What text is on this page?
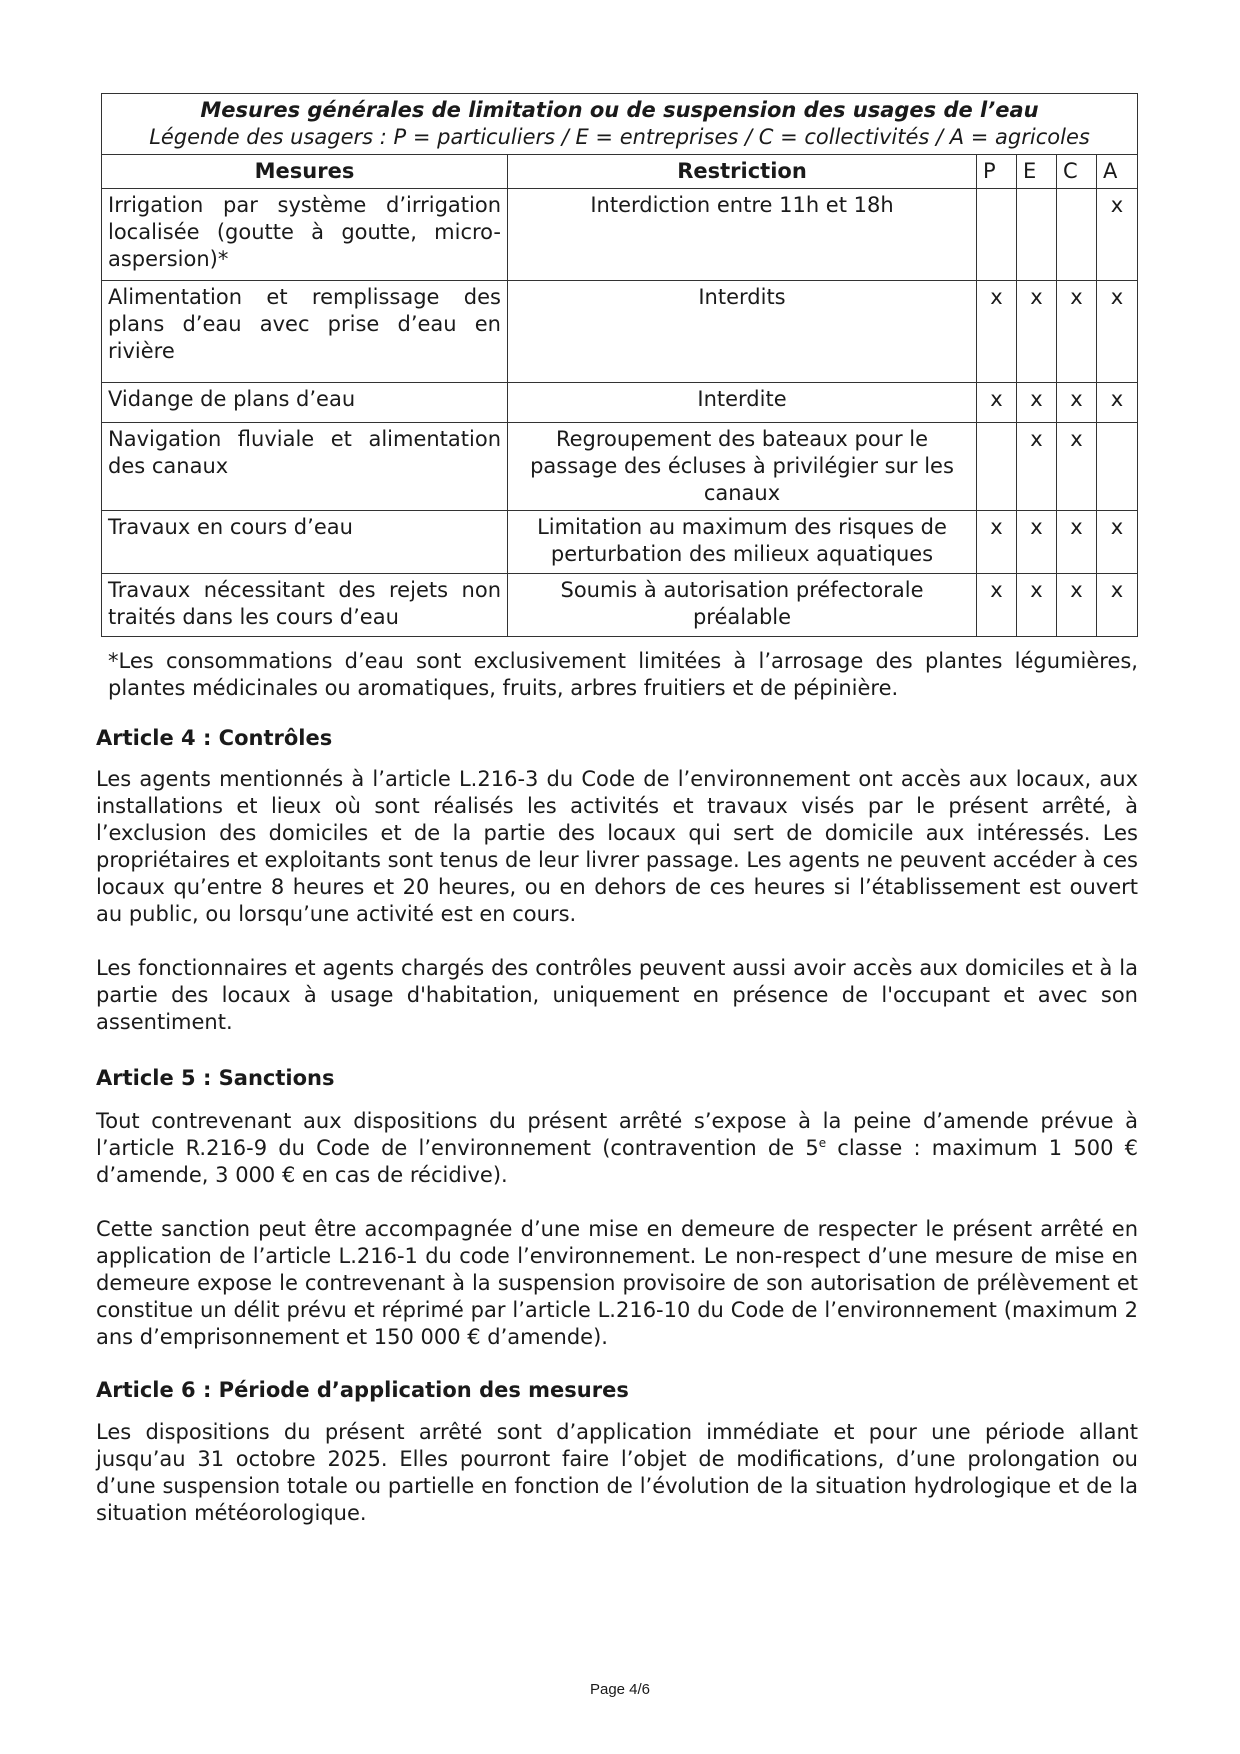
Mesures générales de limitation ou de suspension des usages de l’eau
Légende des usagers : P = particuliers / E = entreprises / C = collectivités / A = agricoles					

Mesures	Restriction	P	E	C	A
Irrigation par système d’irrigation localisée (goutte à goutte, micro-aspersion)*	Interdiction entre 11h et 18h				x
Alimentation et remplissage des plans d’eau avec prise d’eau en rivière	Interdits	x	x	x	x
Vidange de plans d’eau	Interdite	x	x	x	x
Navigation fluviale et alimentation des canaux	Regroupement des bateaux pour le passage des écluses à privilégier sur les canaux		x	x	
Travaux en cours d’eau	Limitation au maximum des risques de perturbation des milieux aquatiques	x	x	x	x
Travaux nécessitant des rejets non traités dans les cours d’eau	Soumis à autorisation préfectorale préalable	x	x	x	x
*Les consommations d’eau sont exclusivement limitées à l’arrosage des plantes légumières, plantes médicinales ou aromatiques, fruits, arbres fruitiers et de pépinière.
Article 4 : Contrôles
Les agents mentionnés à l’article L.216-3 du Code de l’environnement ont accès aux locaux, aux installations et lieux où sont réalisés les activités et travaux visés par le présent arrêté, à l’exclusion des domiciles et de la partie des locaux qui sert de domicile aux intéressés. Les propriétaires et exploitants sont tenus de leur livrer passage. Les agents ne peuvent accéder à ces locaux qu’entre 8 heures et 20 heures, ou en dehors de ces heures si l’établissement est ouvert au public, ou lorsqu’une activité est en cours.
Les fonctionnaires et agents chargés des contrôles peuvent aussi avoir accès aux domiciles et à la partie des locaux à usage d'habitation, uniquement en présence de l'occupant et avec son assentiment.
Article 5 : Sanctions
Tout contrevenant aux dispositions du présent arrêté s’expose à la peine d’amende prévue à l’article R.216-9 du Code de l’environnement (contravention de 5e classe : maximum 1 500 € d’amende, 3 000 € en cas de récidive).
Cette sanction peut être accompagnée d’une mise en demeure de respecter le présent arrêté en application de l’article L.216-1 du code l’environnement. Le non-respect d’une mesure de mise en demeure expose le contrevenant à la suspension provisoire de son autorisation de prélèvement et constitue un délit prévu et réprimé par l’article L.216-10 du Code de l’environnement (maximum 2 ans d’emprisonnement et 150 000 € d’amende).
Article 6 : Période d’application des mesures
Les dispositions du présent arrêté sont d’application immédiate et pour une période allant jusqu’au 31 octobre 2025. Elles pourront faire l’objet de modifications, d’une prolongation ou d’une suspension totale ou partielle en fonction de l’évolution de la situation hydrologique et de la situation météorologique.
Page 4/6
